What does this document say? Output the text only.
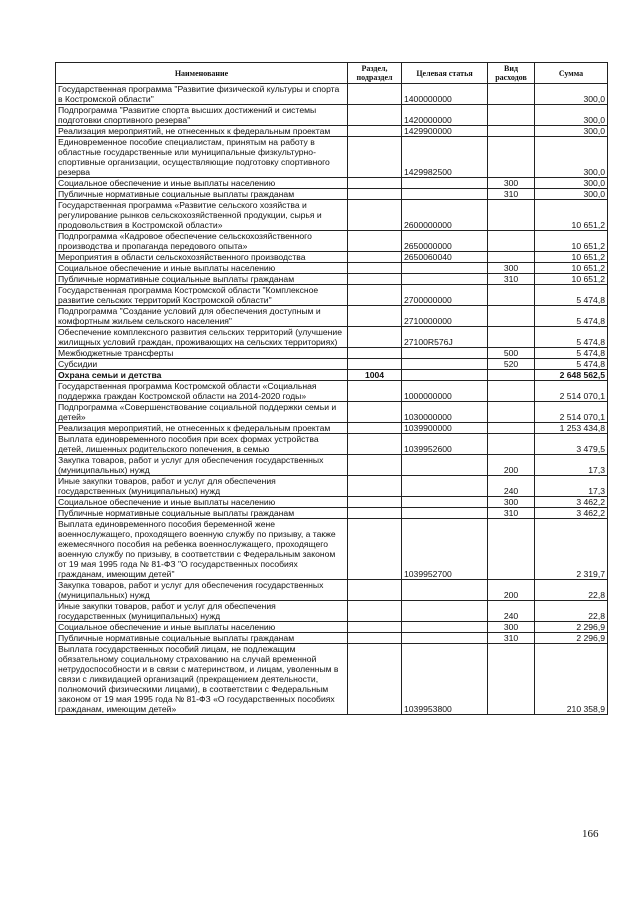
Наименование	Раздел, подраздел	Целевая статья	Вид расходов	Сумма
Государственная программа "Развитие физической культуры и спорта в Костромской области"		1400000000		300,0
Подпрограмма "Развитие спорта высших достижений и системы подготовки спортивного резерва"		1420000000		300,0
Реализация мероприятий, не отнесенных к федеральным проектам		1429900000		300,0
Единовременное пособие специалистам, принятым на работу в областные государственные или муниципальные физкультурно-спортивные организации, осуществляющие подготовку спортивного резерва		1429982500		300,0
Социальное обеспечение и иные выплаты населению			300	300,0
Публичные нормативные социальные выплаты гражданам			310	300,0
Государственная программа «Развитие сельского хозяйства и регулирование рынков сельскохозяйственной продукции, сырья и продовольствия в Костромской области»		2600000000		10 651,2
Подпрограмма «Кадровое обеспечение сельскохозяйственного производства и пропаганда передового опыта»		2650000000		10 651,2
Мероприятия в области сельскохозяйственного производства		2650060040		10 651,2
Социальное обеспечение и иные выплаты населению			300	10 651,2
Публичные нормативные социальные выплаты гражданам			310	10 651,2
Государственная программа Костромской области "Комплексное развитие сельских территорий Костромской области"		2700000000		5 474,8
Подпрограмма "Создание условий для обеспечения доступным и комфортным жильем сельского населения"		2710000000		5 474,8
Обеспечение комплексного развития сельских территорий (улучшение жилищных условий граждан, проживающих на сельских территориях)		27100R576J		5 474,8
Межбюджетные трансферты			500	5 474,8
Субсидии			520	5 474,8
Охрана семьи и детства	1004			2 648 562,5
Государственная программа Костромской области «Социальная поддержка граждан Костромской области на 2014-2020 годы»		1000000000		2 514 070,1
Подпрограмма «Совершенствование социальной поддержки семьи и детей»		1030000000		2 514 070,1
Реализация мероприятий, не отнесенных к федеральным проектам		1039900000		1 253 434,8
Выплата единовременного пособия при всех формах устройства детей, лишенных родительского попечения, в семью		1039952600		3 479,5
Закупка товаров, работ и услуг для обеспечения государственных (муниципальных) нужд			200	17,3
Иные закупки товаров, работ и услуг для обеспечения государственных (муниципальных) нужд			240	17,3
Социальное обеспечение и иные выплаты населению			300	3 462,2
Публичные нормативные социальные выплаты гражданам			310	3 462,2
Выплата единовременного пособия беременной жене военнослужащего, проходящего военную службу по призыву, а также ежемесячного пособия на ребенка военнослужащего, проходящего военную службу по призыву, в соответствии с Федеральным законом от 19 мая 1995 года № 81-ФЗ "О государственных пособиях гражданам, имеющим детей"		1039952700		2 319,7
Закупка товаров, работ и услуг для обеспечения государственных (муниципальных) нужд			200	22,8
Иные закупки товаров, работ и услуг для обеспечения государственных (муниципальных) нужд			240	22,8
Социальное обеспечение и иные выплаты населению			300	2 296,9
Публичные нормативные социальные выплаты гражданам			310	2 296,9
Выплата государственных пособий лицам, не подлежащим обязательному социальному страхованию на случай временной нетрудоспособности и в связи с материнством, и лицам, уволенным в связи с ликвидацией организаций (прекращением деятельности, полномочий физическими лицами), в соответствии с Федеральным законом от 19 мая 1995 года № 81-ФЗ «О государственных пособиях гражданам, имеющим детей»		1039953800		210 358,9
166
